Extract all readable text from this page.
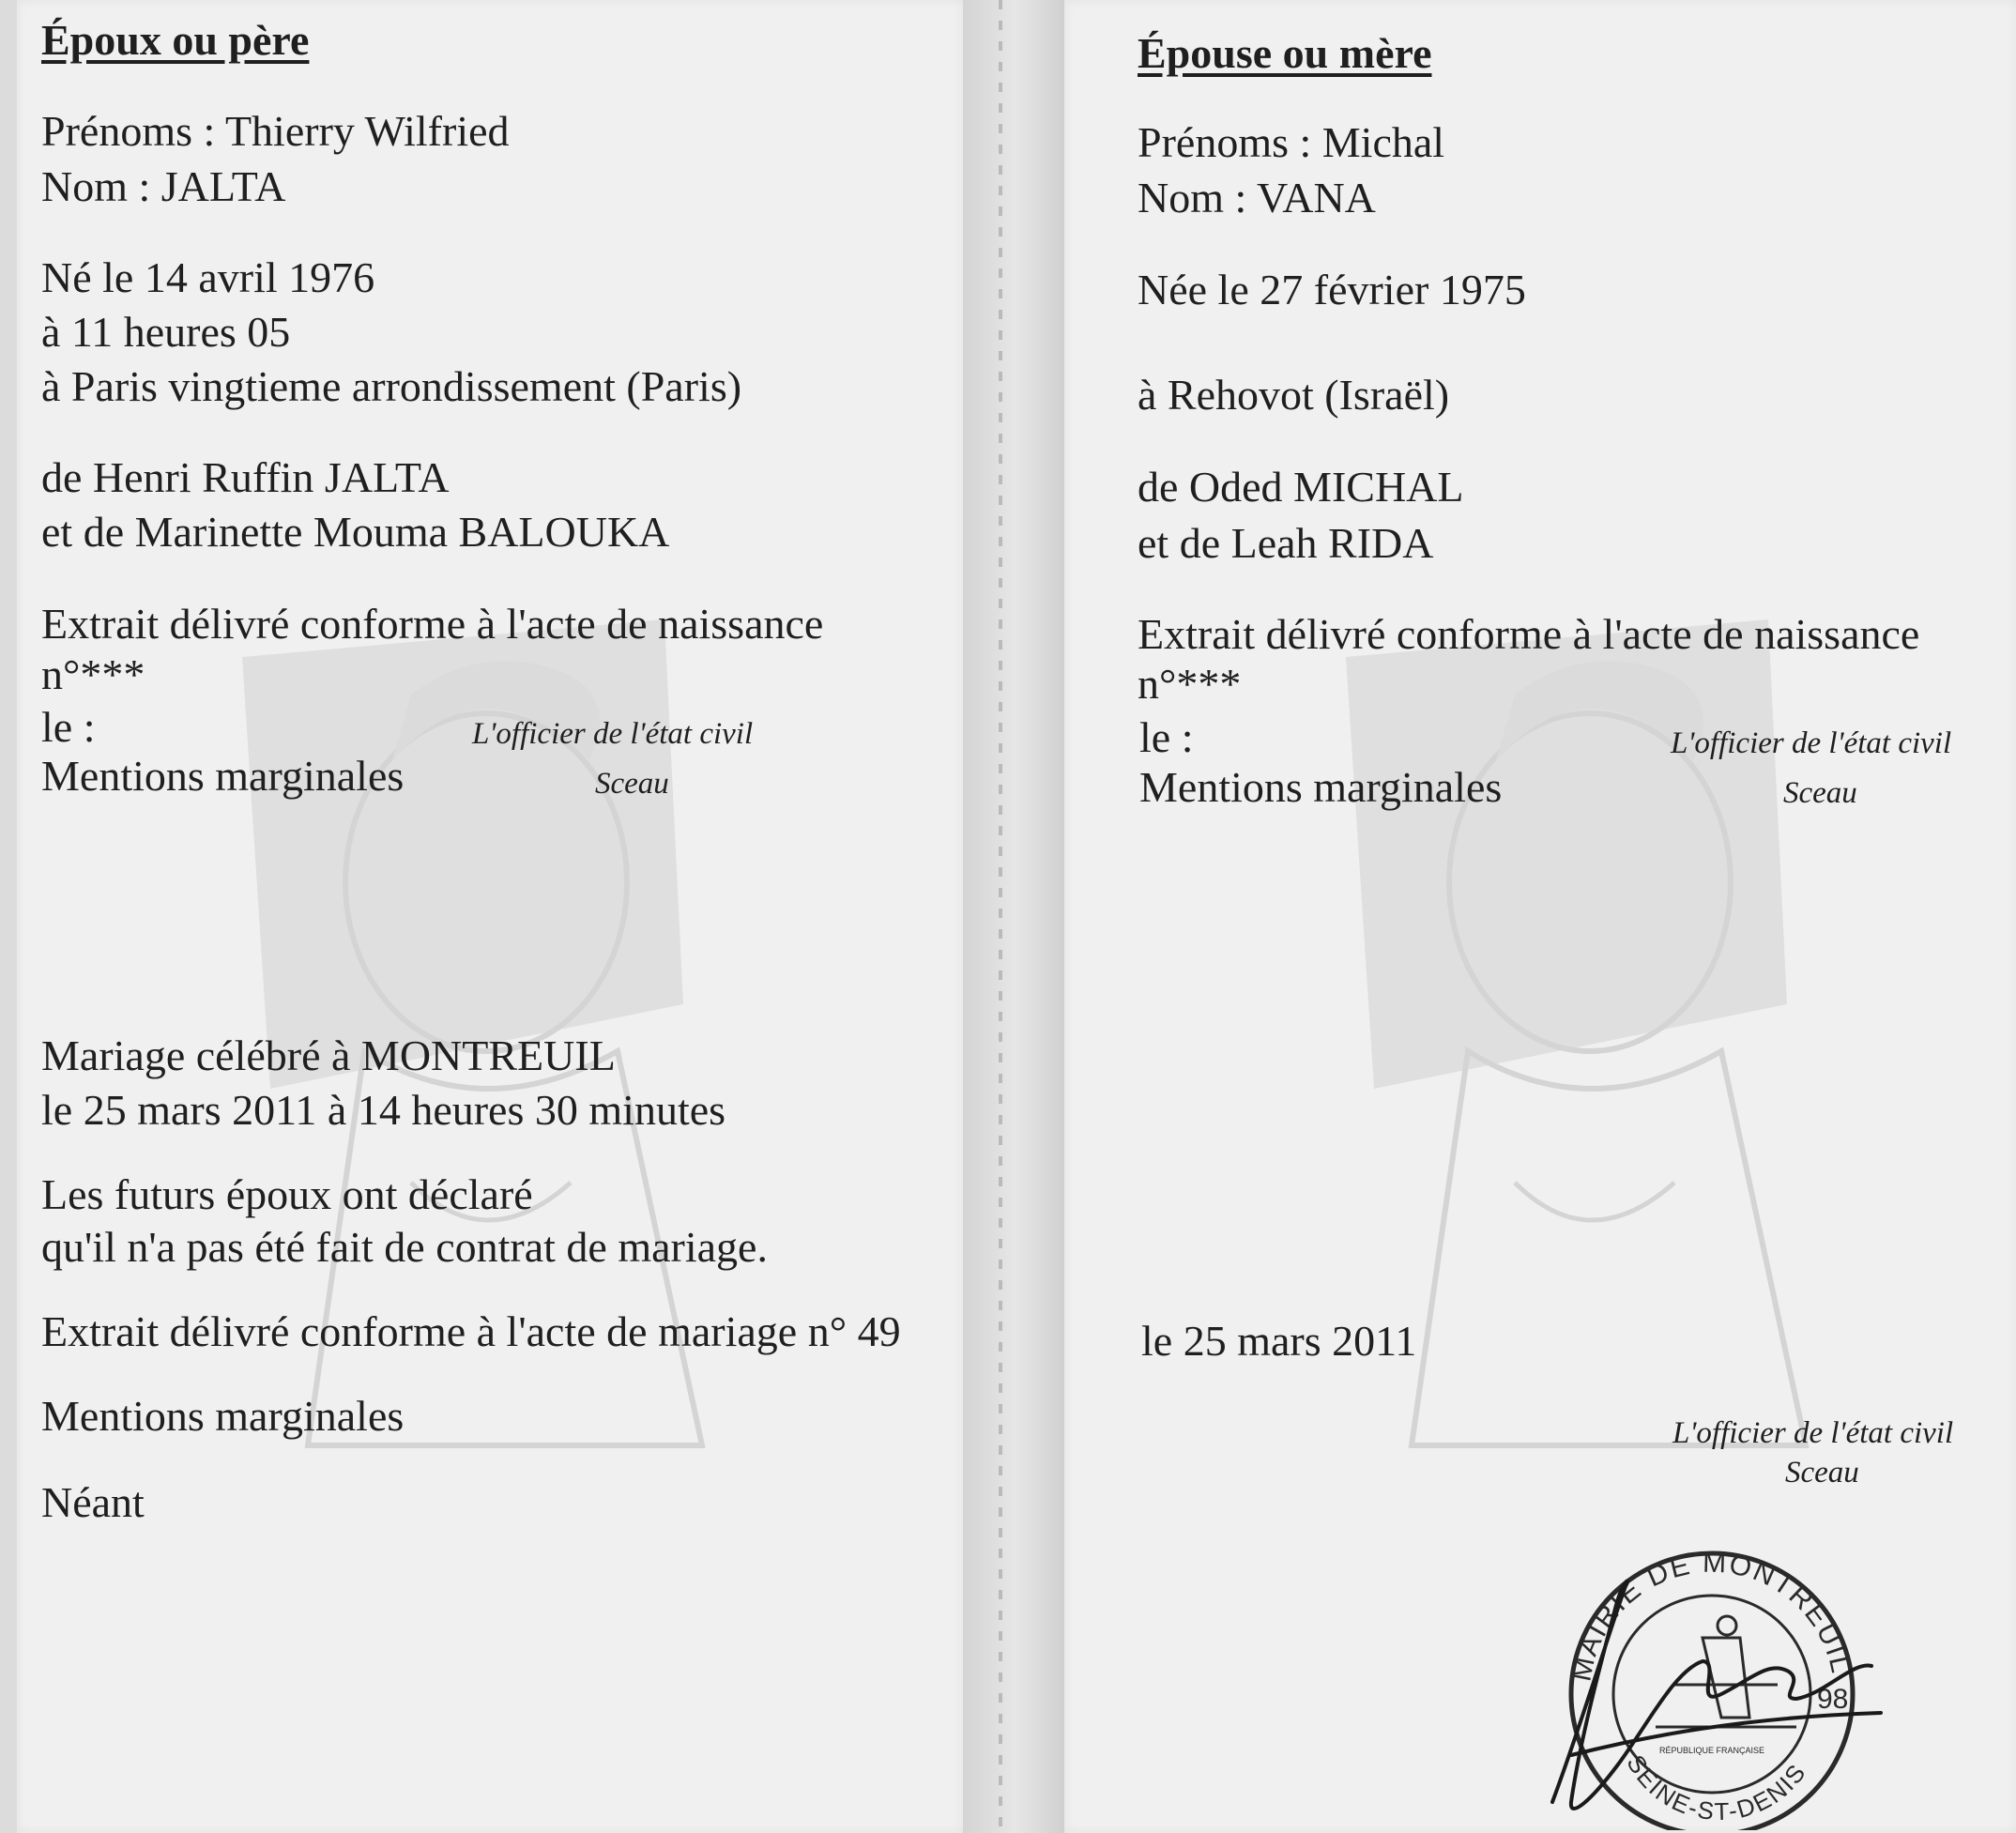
Époux ou père
Prénoms : Thierry Wilfried
Nom : JALTA
Né le 14 avril 1976
à 11 heures 05
à Paris vingtieme arrondissement (Paris)
de Henri Ruffin JALTA
et de Marinette Mouma BALOUKA
Extrait délivré conforme à l'acte de naissance
n°***
le :
Mentions marginales
L'officier de l'état civil
Sceau
Mariage célébré à MONTREUIL
le 25 mars 2011 à 14 heures 30 minutes
Les futurs époux ont déclaré
qu'il n'a pas été fait de contrat de mariage.
Extrait délivré conforme à l'acte de mariage n° 49
Mentions marginales
Néant
Épouse ou mère
Prénoms : Michal
Nom : VANA
Née le 27 février 1975
à Rehovot (Israël)
de Oded MICHAL
et de Leah RIDA
Extrait délivré conforme à l'acte de naissance
n°***
le :
Mentions marginales
L'officier de l'état civil
Sceau
le 25 mars 2011
L'officier de l'état civil
Sceau
MAIRIE DE MONTREUIL
SEINE-ST-DENIS
98
RÉPUBLIQUE FRANÇAISE
